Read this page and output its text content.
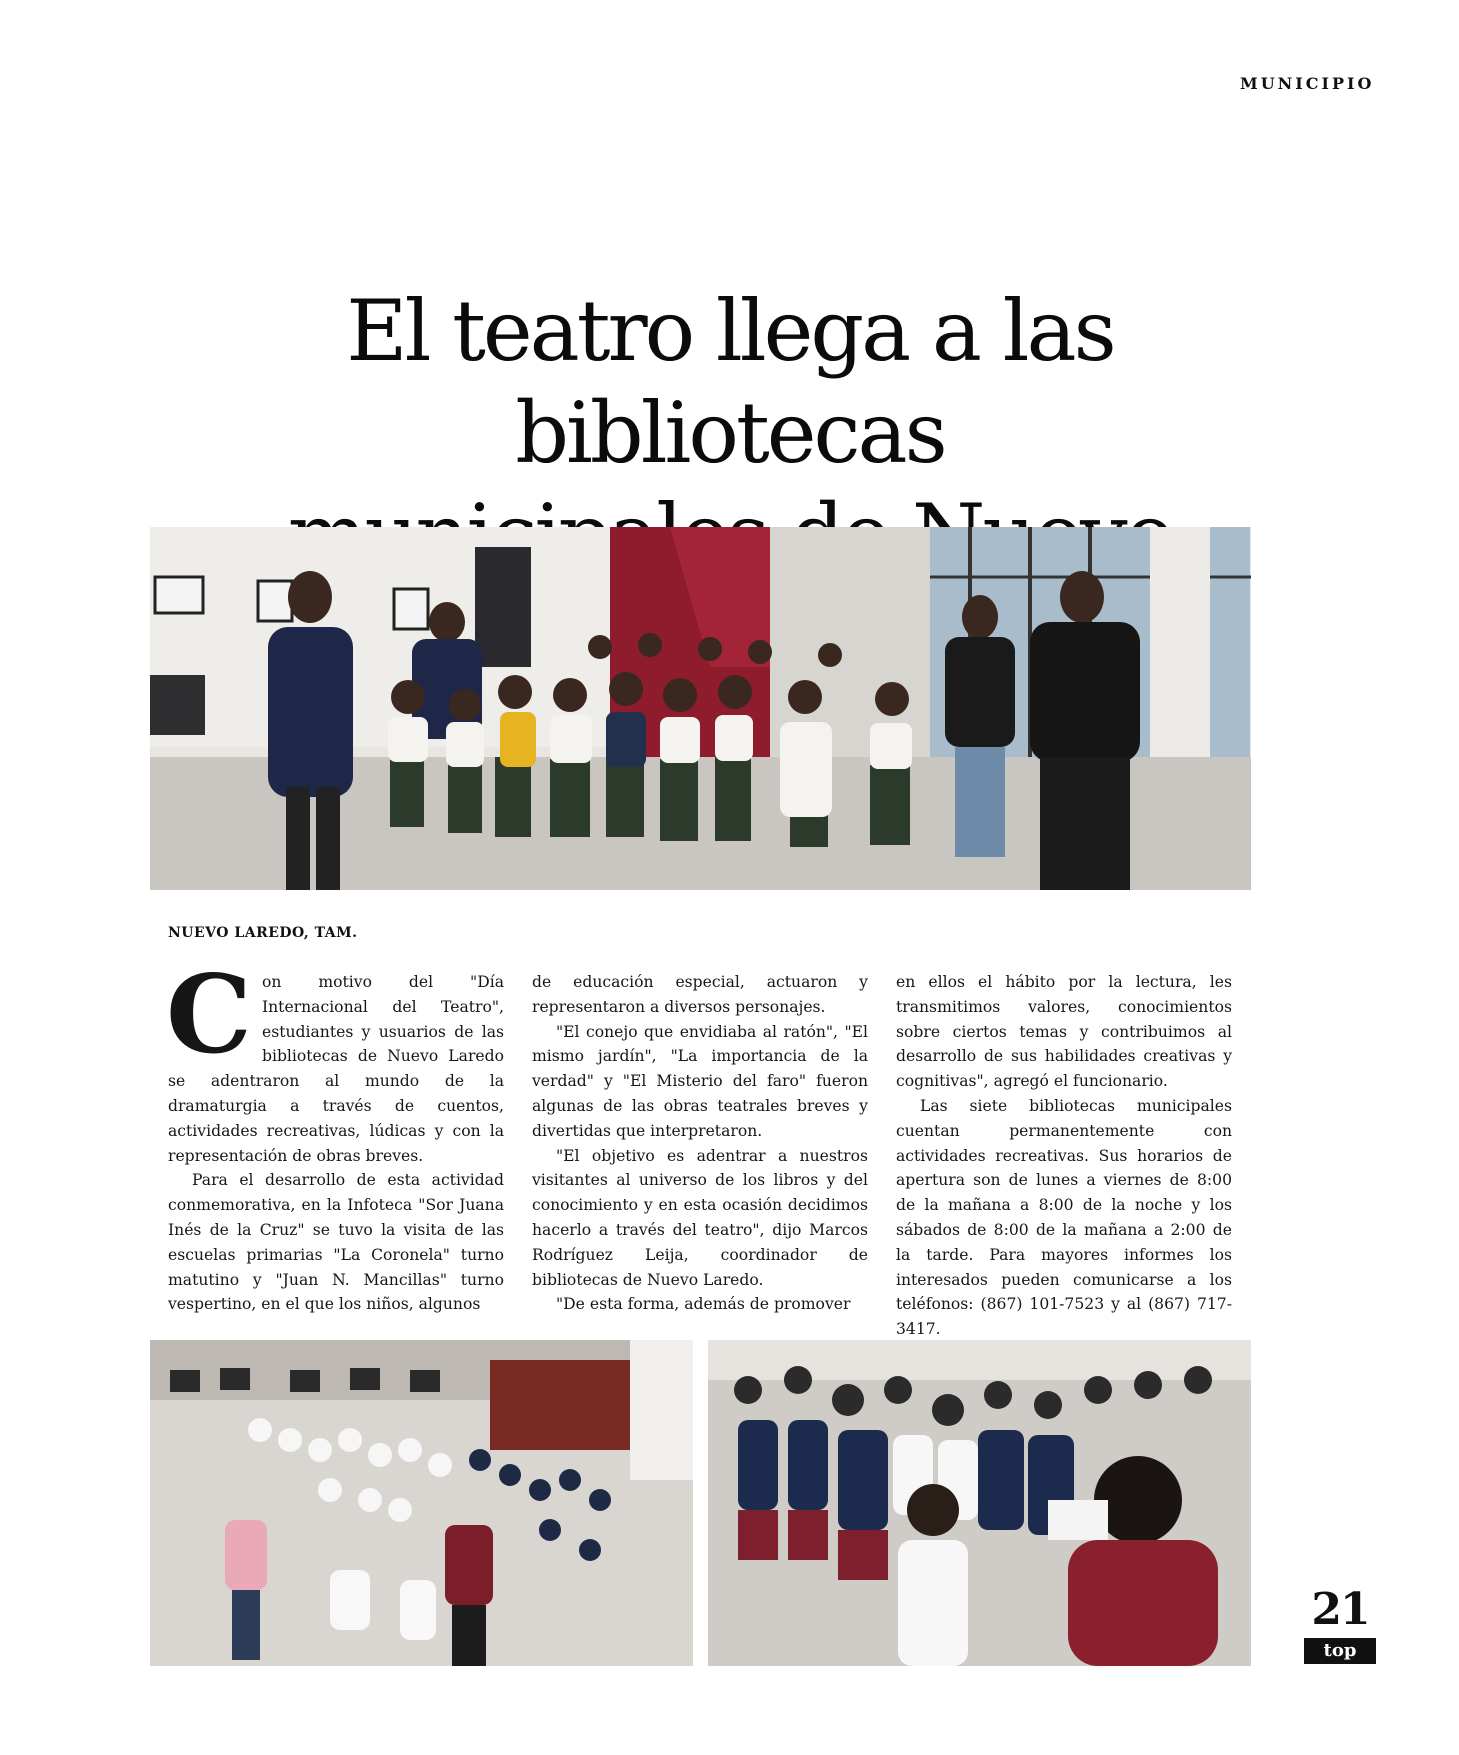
MUNICIPIO
El teatro llega a las bibliotecas
NUEVO LAREDO, TAM.
C on motivo del "Día Internacional del Teatro", estudiantes y usuarios de las bibliotecas de Nuevo Laredo se adentraron al mundo de la dramaturgia a través de cuentos, actividades recreativas, lúdicas y con la representación de obras breves.

Para el desarrollo de esta actividad conmemorativa, en la Infoteca "Sor Juana Inés de la Cruz" se tuvo la visita de las escuelas primarias "La Coronela" turno matutino y "Juan N. Mancillas" turno vespertino, en el que los niños, algunos

de educación especial, actuaron y representaron a diversos personajes.

"El conejo que envidiaba al ratón", "El mismo jardín", "La importancia de la verdad" y "El Misterio del faro" fueron algunas de las obras teatrales breves y divertidas que interpretaron.

"El objetivo es adentrar a nuestros visitantes al universo de los libros y del conocimiento y en esta ocasión decidimos hacerlo a través del teatro", dijo Marcos Rodríguez Leija, coordinador de bibliotecas de Nuevo Laredo.

"De esta forma, además de promover

en ellos el hábito por la lectura, les transmitimos valores, conocimientos sobre ciertos temas y contribuimos al desarrollo de sus habilidades creativas y cognitivas", agregó el funcionario.

Las siete bibliotecas municipales cuentan permanentemente con actividades recreativas. Sus horarios de apertura son de lunes a viernes de 8:00 de la mañana a 8:00 de la noche y los sábados de 8:00 de la mañana a 2:00 de la tarde. Para mayores informes los interesados pueden comunicarse a los teléfonos: (867) 101-7523 y al (867) 717-3417.

21
top
